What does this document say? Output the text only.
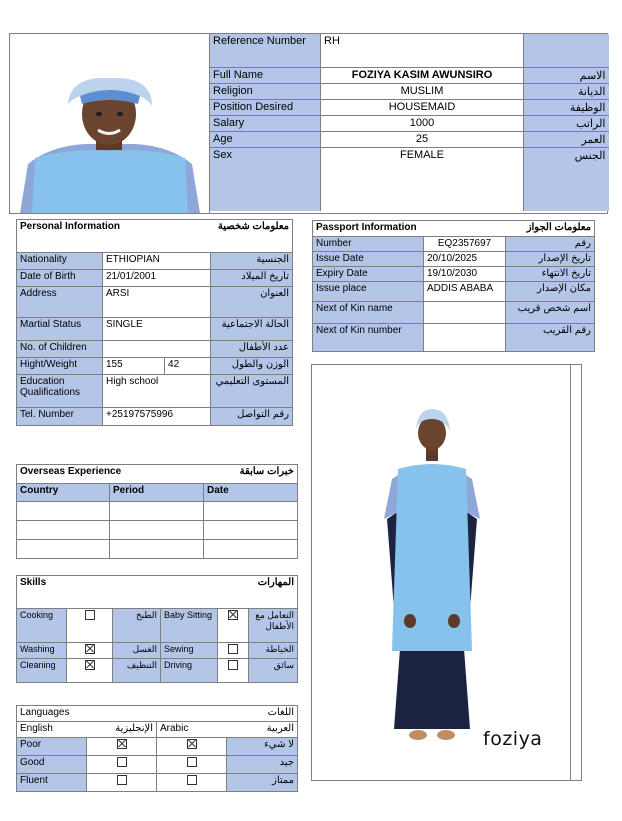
Reference Number	RH	
Full Name	FOZIYA KASIM AWUNSIRO	الاسم
Religion	MUSLIM	الديانة
Position Desired	HOUSEMAID	الوظيفة
Salary	1000	الراتب
Age	25	العمر
Sex	FEMALE	الجنس
Personal Information		معلومات شخصية	
Nationality	ETHIOPIAN		الجنسية
Date of Birth	21/01/2001		تاريخ الميلاد
Address	ARSI		العنوان
Martial Status	SINGLE		الحالة الاجتماعية
No. of Children			عدد الأطفال
Hight/Weight	155	42	الوزن والطول
Education Qualifications	High school		المستوى التعليمي
Tel. Number	+25197575996		رقم التواصل
Passport Information		معلومات الجواز
Number	EQ2357697	رقم
Issue Date	20/10/2025	تاريخ الإصدار
Expiry Date	19/10/2030	تاريخ الانتهاء
Issue place	ADDIS ABABA	مكان الإصدار
Next of Kin name		اسم شخص قريب
Next of Kin number		رقم القريب
foziya
Overseas Experience		خبرات سابقة
Country	Period	Date

Skills			المهارات		
Cooking		الطبخ	Baby Sitting		التعامل مع الأطفال
Washing		الغسل	Sewing		الخياطة
Cleaning		التنظيف	Driving		سائق
Languages		اللغات	
English	الإنجليزية	Arabic	العربية
Poor			لا شيء
Good			جيد
Fluent			ممتاز
